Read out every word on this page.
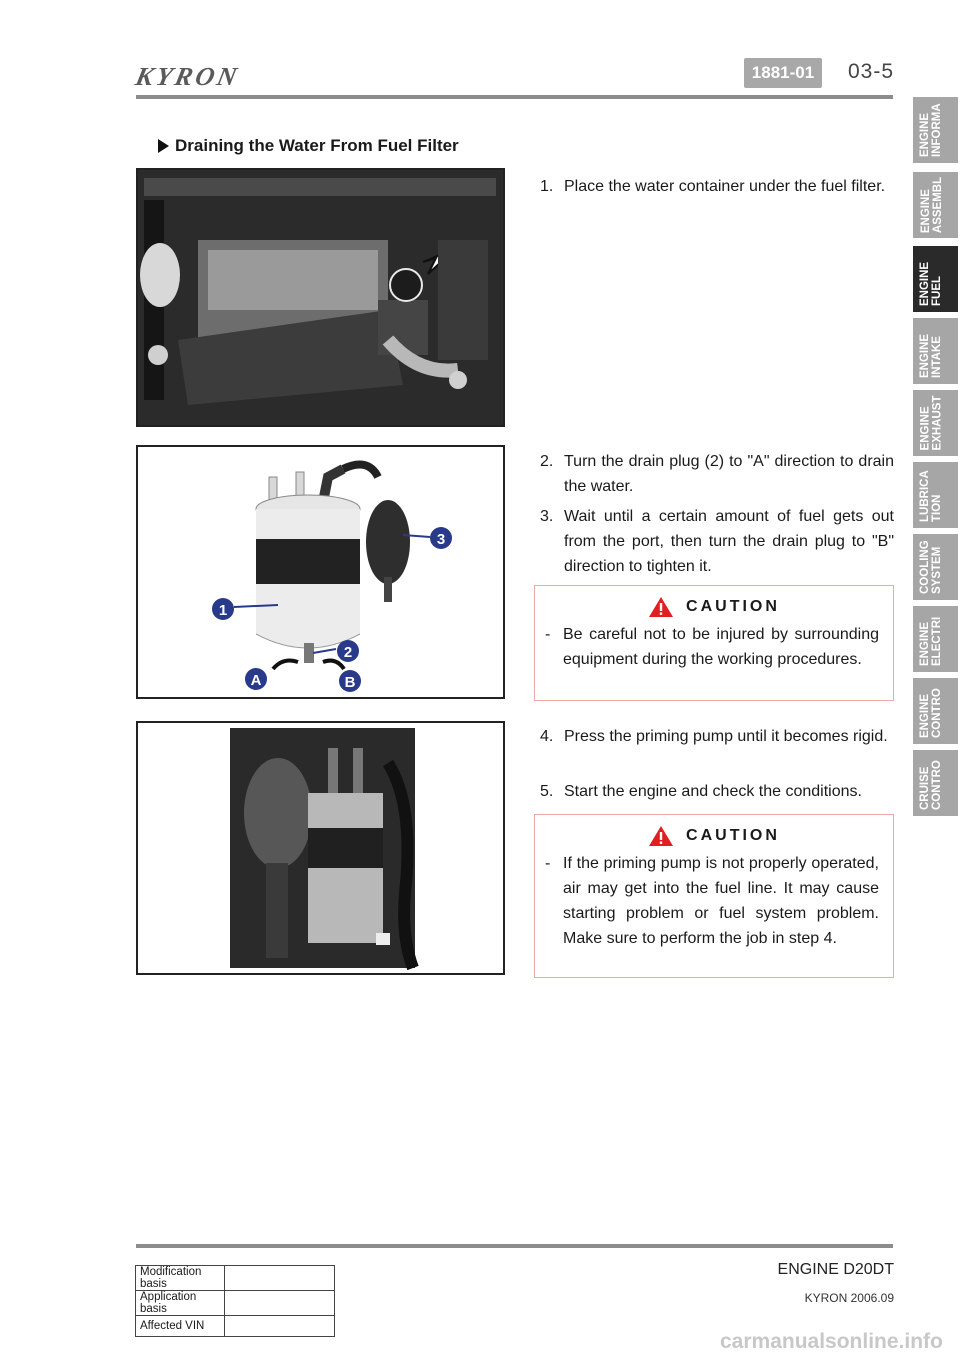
KYRON	1881-01	03-5
Draining the Water From Fuel Filter
1
2
3
A	B
1. Place the water container under the fuel filter.
2. Turn the drain plug (2) to "A" direction to drain the water.
3. Wait until a certain amount of fuel gets out from the port, then turn the drain plug to "B" direction to tighten it.
CAUTION
- Be careful not to be injured by surrounding equipment during the working procedures.
4. Press the priming pump until it becomes rigid.
5. Start the engine and check the conditions.
CAUTION
- If the priming pump is not properly operated, air may get into the fuel line. It may cause starting problem or fuel system problem. Make sure to perform the job in step 4.
ENGINE
INFORMA
ENGINE
ASSEMBL
ENGINE
FUEL
ENGINE
INTAKE
ENGINE
EXHAUST
LUBRICA
TION
COOLING
SYSTEM
ENGINE
ELECTRI
ENGINE
CONTRO
CRUISE
CONTRO
ENGINE D20DT
KYRON 2006.09
Modification basis	
Application basis	
Affected VIN	
carmanualsonline.info
